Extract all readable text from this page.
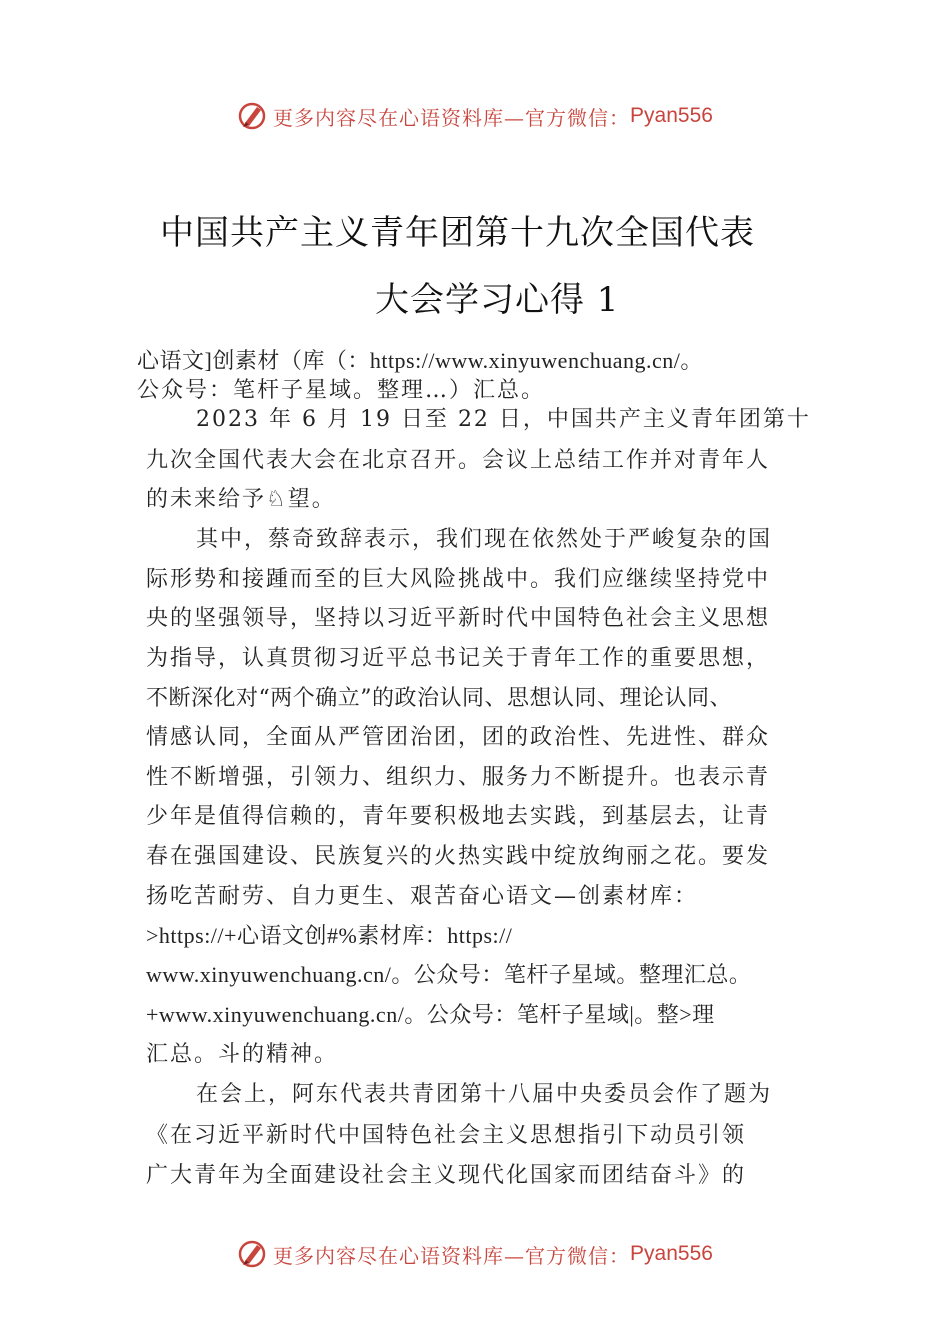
更多内容尽在心语资料库—官方微信： Pyan556
中国共产主义青年团第十九次全国代表
大会学习心得 1
心语文]创素材（库（：https://www.xinyuwenchuang.cn/。
公众号：笔杆子星域。整理…）汇总。
2023 年 6 月 19 日至 22 日，中国共产主义青年团第十
九次全国代表大会在北京召开。会议上总结工作并对青年人
的未来给予♘望。
其中，蔡奇致辞表示，我们现在依然处于严峻复杂的国
际形势和接踵而至的巨大风险挑战中。我们应继续坚持党中
央的坚强领导，坚持以习近平新时代中国特色社会主义思想
为指导，认真贯彻习近平总书记关于青年工作的重要思想，
不断深化对“两个确立”的政治认同、思想认同、理论认同、
情感认同，全面从严管团治团，团的政治性、先进性、群众
性不断增强，引领力、组织力、服务力不断提升。也表示青
少年是值得信赖的，青年要积极地去实践，到基层去，让青
春在强国建设、民族复兴的火热实践中绽放绚丽之花。要发
扬吃苦耐劳、自力更生、艰苦奋心语文—创素材库：
>https://+心语文创#%素材库：https://
www.xinyuwenchuang.cn/。公众号：笔杆子星域。整理汇总。
+www.xinyuwenchuang.cn/。公众号：笔杆子星域|。整>理
汇总。斗的精神。
在会上，阿东代表共青团第十八届中央委员会作了题为
《在习近平新时代中国特色社会主义思想指引下动员引领
广大青年为全面建设社会主义现代化国家而团结奋斗》的
更多内容尽在心语资料库—官方微信： Pyan556
